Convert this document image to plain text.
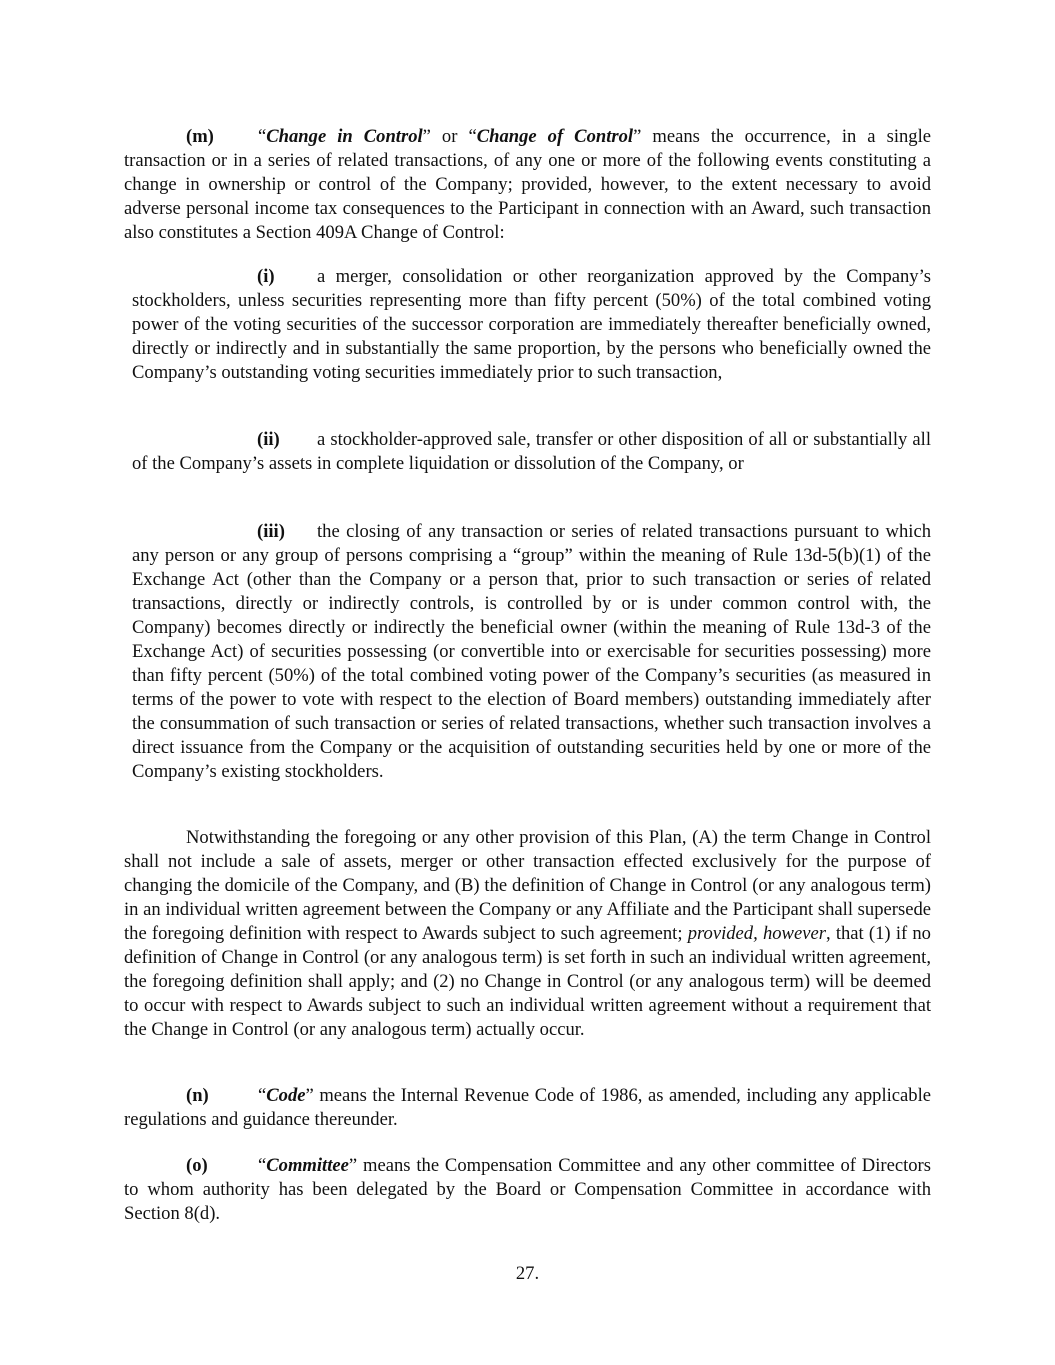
(m) “Change in Control” or “Change of Control” means the occurrence, in a single transaction or in a series of related transactions, of any one or more of the following events constituting a change in ownership or control of the Company; provided, however, to the extent necessary to avoid adverse personal income tax consequences to the Participant in connection with an Award, such transaction also constitutes a Section 409A Change of Control:

(i) a merger, consolidation or other reorganization approved by the Company’s stockholders, unless securities representing more than fifty percent (50%) of the total combined voting power of the voting securities of the successor corporation are immediately thereafter beneficially owned, directly or indirectly and in substantially the same proportion, by the persons who beneficially owned the Company’s outstanding voting securities immediately prior to such transaction,

(ii) a stockholder-approved sale, transfer or other disposition of all or substantially all of the Company’s assets in complete liquidation or dissolution of the Company, or

(iii) the closing of any transaction or series of related transactions pursuant to which any person or any group of persons comprising a “group” within the meaning of Rule 13d-5(b)(1) of the Exchange Act (other than the Company or a person that, prior to such transaction or series of related transactions, directly or indirectly controls, is controlled by or is under common control with, the Company) becomes directly or indirectly the beneficial owner (within the meaning of Rule 13d-3 of the Exchange Act) of securities possessing (or convertible into or exercisable for securities possessing) more than fifty percent (50%) of the total combined voting power of the Company’s securities (as measured in terms of the power to vote with respect to the election of Board members) outstanding immediately after the consummation of such transaction or series of related transactions, whether such transaction involves a direct issuance from the Company or the acquisition of outstanding securities held by one or more of the Company’s existing stockholders.

Notwithstanding the foregoing or any other provision of this Plan, (A) the term Change in Control shall not include a sale of assets, merger or other transaction effected exclusively for the purpose of changing the domicile of the Company, and (B) the definition of Change in Control (or any analogous term) in an individual written agreement between the Company or any Affiliate and the Participant shall supersede the foregoing definition with respect to Awards subject to such agreement; provided, however, that (1) if no definition of Change in Control (or any analogous term) is set forth in such an individual written agreement, the foregoing definition shall apply; and (2) no Change in Control (or any analogous term) will be deemed to occur with respect to Awards subject to such an individual written agreement without a requirement that the Change in Control (or any analogous term) actually occur.

(n)	“Code” means the Internal Revenue Code of 1986, as amended, including any applicable regulations and guidance thereunder.

(o)	“Committee” means the Compensation Committee and any other committee of Directors to whom authority has been delegated by the Board or Compensation Committee in accordance with Section 8(d).

27.
